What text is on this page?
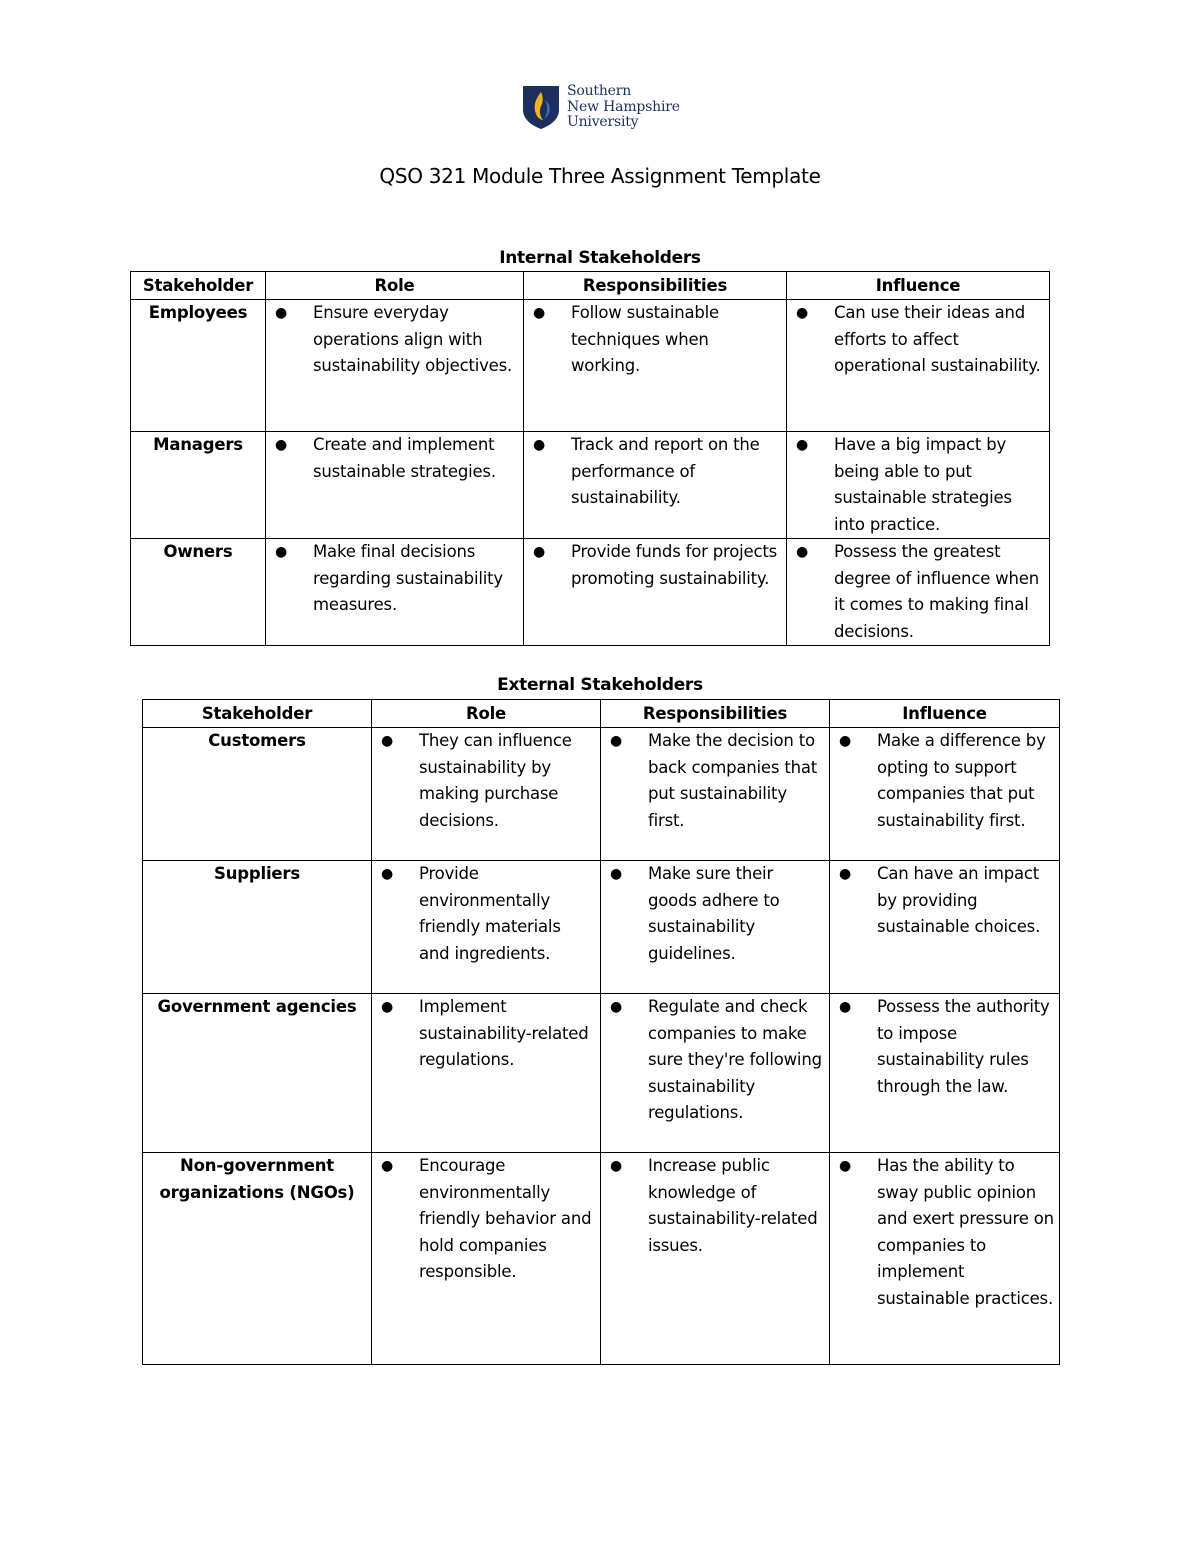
Southern
New Hampshire
University
QSO 321 Module Three Assignment Template
Internal Stakeholders
Stakeholder	Role	Responsibilities	Influence
Employees	● Ensure everyday operations align with sustainability objectives.	● Follow sustainable techniques when working.	● Can use their ideas and efforts to affect operational sustainability.

Managers	● Create and implement sustainable strategies.	● Track and report on the performance of sustainability.	● Have a big impact by being able to put sustainable strategies into practice.

Owners	● Make final decisions regarding sustainability measures.	● Provide funds for projects promoting sustainability.	● Possess the greatest degree of influence when it comes to making final decisions.
External Stakeholders
Stakeholder	Role	Responsibilities	Influence
Customers	● They can influence sustainability by making purchase decisions.	● Make the decision to back companies that put sustainability first.	● Make a difference by opting to support companies that put sustainability first.

Suppliers	● Provide environmentally friendly materials and ingredients.	● Make sure their goods adhere to sustainability guidelines.	● Can have an impact by providing sustainable choices.

Government agencies	● Implement sustainability-related regulations.	● Regulate and check companies to make sure they're following sustainability regulations.	● Possess the authority to impose sustainability rules through the law.

Non-government organizations (NGOs)	● Encourage environmentally friendly behavior and hold companies responsible.	● Increase public knowledge of sustainability-related issues.	● Has the ability to sway public opinion and exert pressure on companies to implement sustainable practices.
